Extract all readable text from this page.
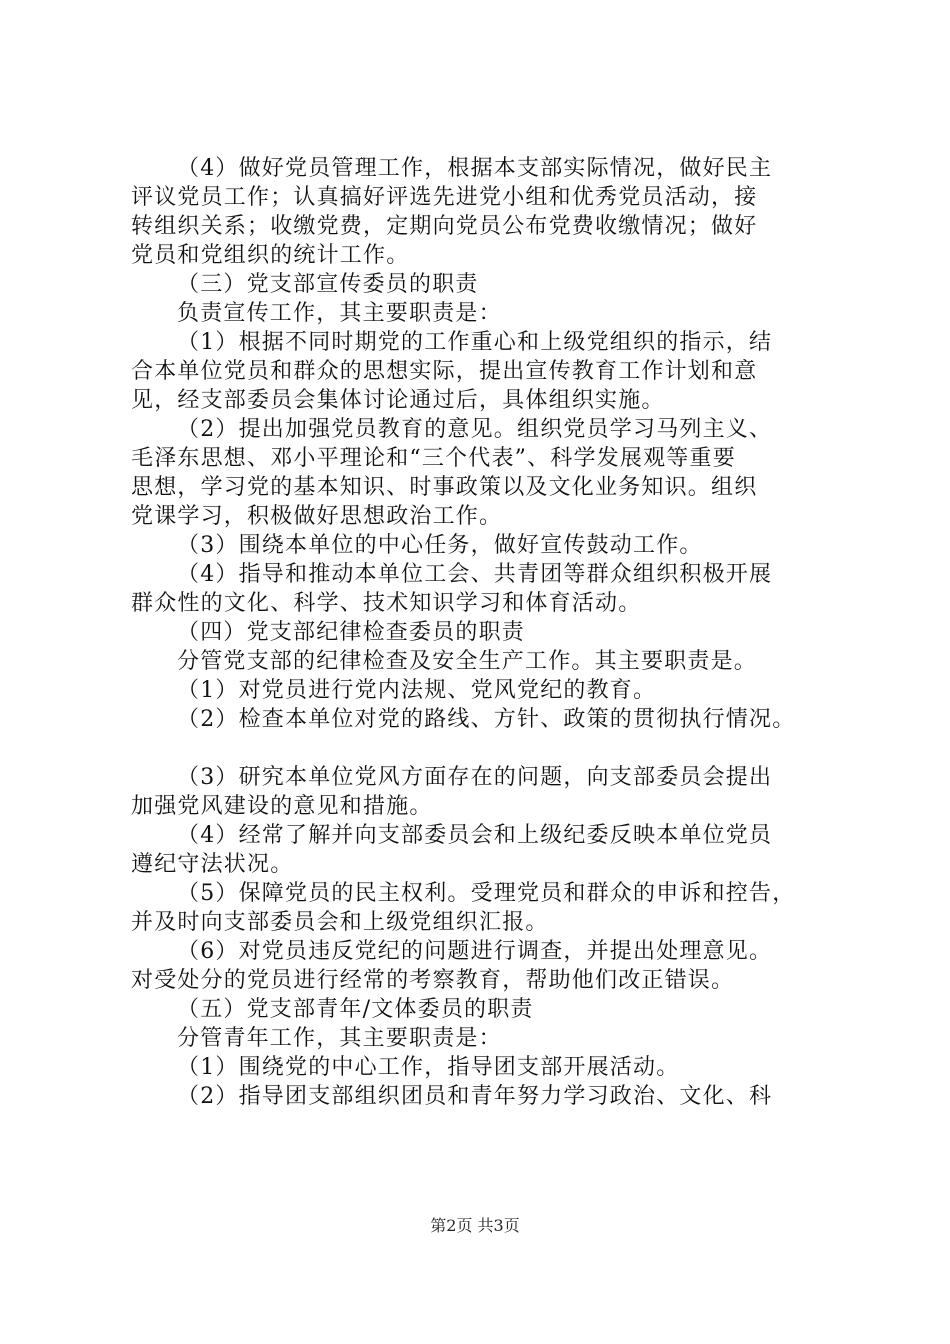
（4）做好党员管理工作，根据本支部实际情况，做好民主
评议党员工作；认真搞好评选先进党小组和优秀党员活动，接
转组织关系；收缴党费，定期向党员公布党费收缴情况；做好
党员和党组织的统计工作。
（三）党支部宣传委员的职责
负责宣传工作，其主要职责是：
（1）根据不同时期党的工作重心和上级党组织的指示，结
合本单位党员和群众的思想实际，提出宣传教育工作计划和意
见，经支部委员会集体讨论通过后，具体组织实施。
（2）提出加强党员教育的意见。组织党员学习马列主义、
毛泽东思想、邓小平理论和“三个代表”、科学发展观等重要
思想，学习党的基本知识、时事政策以及文化业务知识。组织
党课学习，积极做好思想政治工作。
（3）围绕本单位的中心任务，做好宣传鼓动工作。
（4）指导和推动本单位工会、共青团等群众组织积极开展
群众性的文化、科学、技术知识学习和体育活动。
（四）党支部纪律检查委员的职责
分管党支部的纪律检查及安全生产工作。其主要职责是。
（1）对党员进行党内法规、党风党纪的教育。
（2）检查本单位对党的路线、方针、政策的贯彻执行情况。
（3）研究本单位党风方面存在的问题，向支部委员会提出
加强党风建设的意见和措施。
（4）经常了解并向支部委员会和上级纪委反映本单位党员
遵纪守法状况。
（5）保障党员的民主权利。受理党员和群众的申诉和控告，
并及时向支部委员会和上级党组织汇报。
（6）对党员违反党纪的问题进行调查，并提出处理意见。
对受处分的党员进行经常的考察教育，帮助他们改正错误。
（五）党支部青年/文体委员的职责
分管青年工作，其主要职责是：
（1）围绕党的中心工作，指导团支部开展活动。
（2）指导团支部组织团员和青年努力学习政治、文化、科
第2页 共3页
